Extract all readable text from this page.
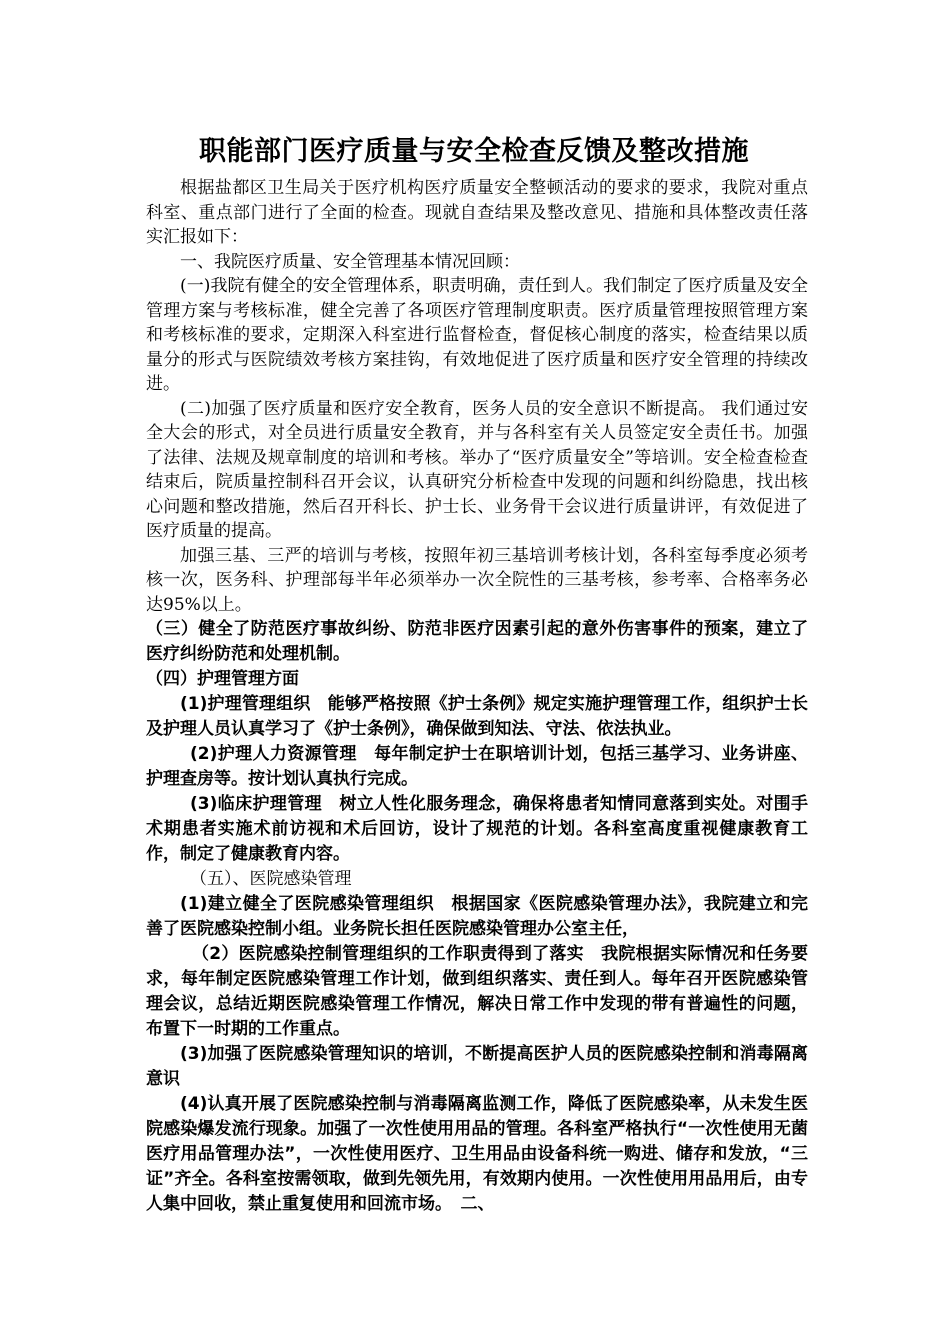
职能部门医疗质量与安全检查反馈及整改措施

根据盐都区卫生局关于医疗机构医疗质量安全整顿活动的要求的要求，我院对重点科室、重点部门进行了全面的检查。现就自查结果及整改意见、措施和具体整改责任落实汇报如下：

一、我院医疗质量、安全管理基本情况回顾：

(一)我院有健全的安全管理体系，职责明确，责任到人。我们制定了医疗质量及安全管理方案与考核标准，健全完善了各项医疗管理制度职责。医疗质量管理按照管理方案和考核标准的要求，定期深入科室进行监督检查，督促核心制度的落实，检查结果以质量分的形式与医院绩效考核方案挂钩，有效地促进了医疗质量和医疗安全管理的持续改进。

(二)加强了医疗质量和医疗安全教育，医务人员的安全意识不断提高。 我们通过安全大会的形式，对全员进行质量安全教育，并与各科室有关人员签定安全责任书。加强了法律、法规及规章制度的培训和考核。举办了“医疗质量安全”等培训。安全检查检查结束后，院质量控制科召开会议，认真研究分析检查中发现的问题和纠纷隐患，找出核心问题和整改措施，然后召开科长、护士长、业务骨干会议进行质量讲评，有效促进了医疗质量的提高。

加强三基、三严的培训与考核，按照年初三基培训考核计划，各科室每季度必须考核一次，医务科、护理部每半年必须举办一次全院性的三基考核，参考率、合格率务必达95%以上。

（三）健全了防范医疗事故纠纷、防范非医疗因素引起的意外伤害事件的预案，建立了医疗纠纷防范和处理机制。

（四）护理管理方面

(1)护理管理组织　能够严格按照《护士条例》规定实施护理管理工作，组织护士长及护理人员认真学习了《护士条例》，确保做到知法、守法、依法执业。

(2)护理人力资源管理　每年制定护士在职培训计划，包括三基学习、业务讲座、护理查房等。按计划认真执行完成。

(3)临床护理管理　树立人性化服务理念，确保将患者知情同意落到实处。对围手术期患者实施术前访视和术后回访，设计了规范的计划。各科室高度重视健康教育工作，制定了健康教育内容。

（五）、医院感染管理

(1)建立健全了医院感染管理组织　根据国家《医院感染管理办法》，我院建立和完善了医院感染控制小组。业务院长担任医院感染管理办公室主任，

（2）医院感染控制管理组织的工作职责得到了落实　我院根据实际情况和任务要求，每年制定医院感染管理工作计划，做到组织落实、责任到人。每年召开医院感染管理会议，总结近期医院感染管理工作情况，解决日常工作中发现的带有普遍性的问题，布置下一时期的工作重点。

(3)加强了医院感染管理知识的培训，不断提高医护人员的医院感染控制和消毒隔离意识

(4)认真开展了医院感染控制与消毒隔离监测工作，降低了医院感染率，从未发生医院感染爆发流行现象。加强了一次性使用用品的管理。各科室严格执行“一次性使用无菌医疗用品管理办法”，一次性使用医疗、卫生用品由设备科统一购进、储存和发放，“三证”齐全。各科室按需领取，做到先领先用，有效期内使用。一次性使用用品用后，由专人集中回收，禁止重复使用和回流市场。　二、
